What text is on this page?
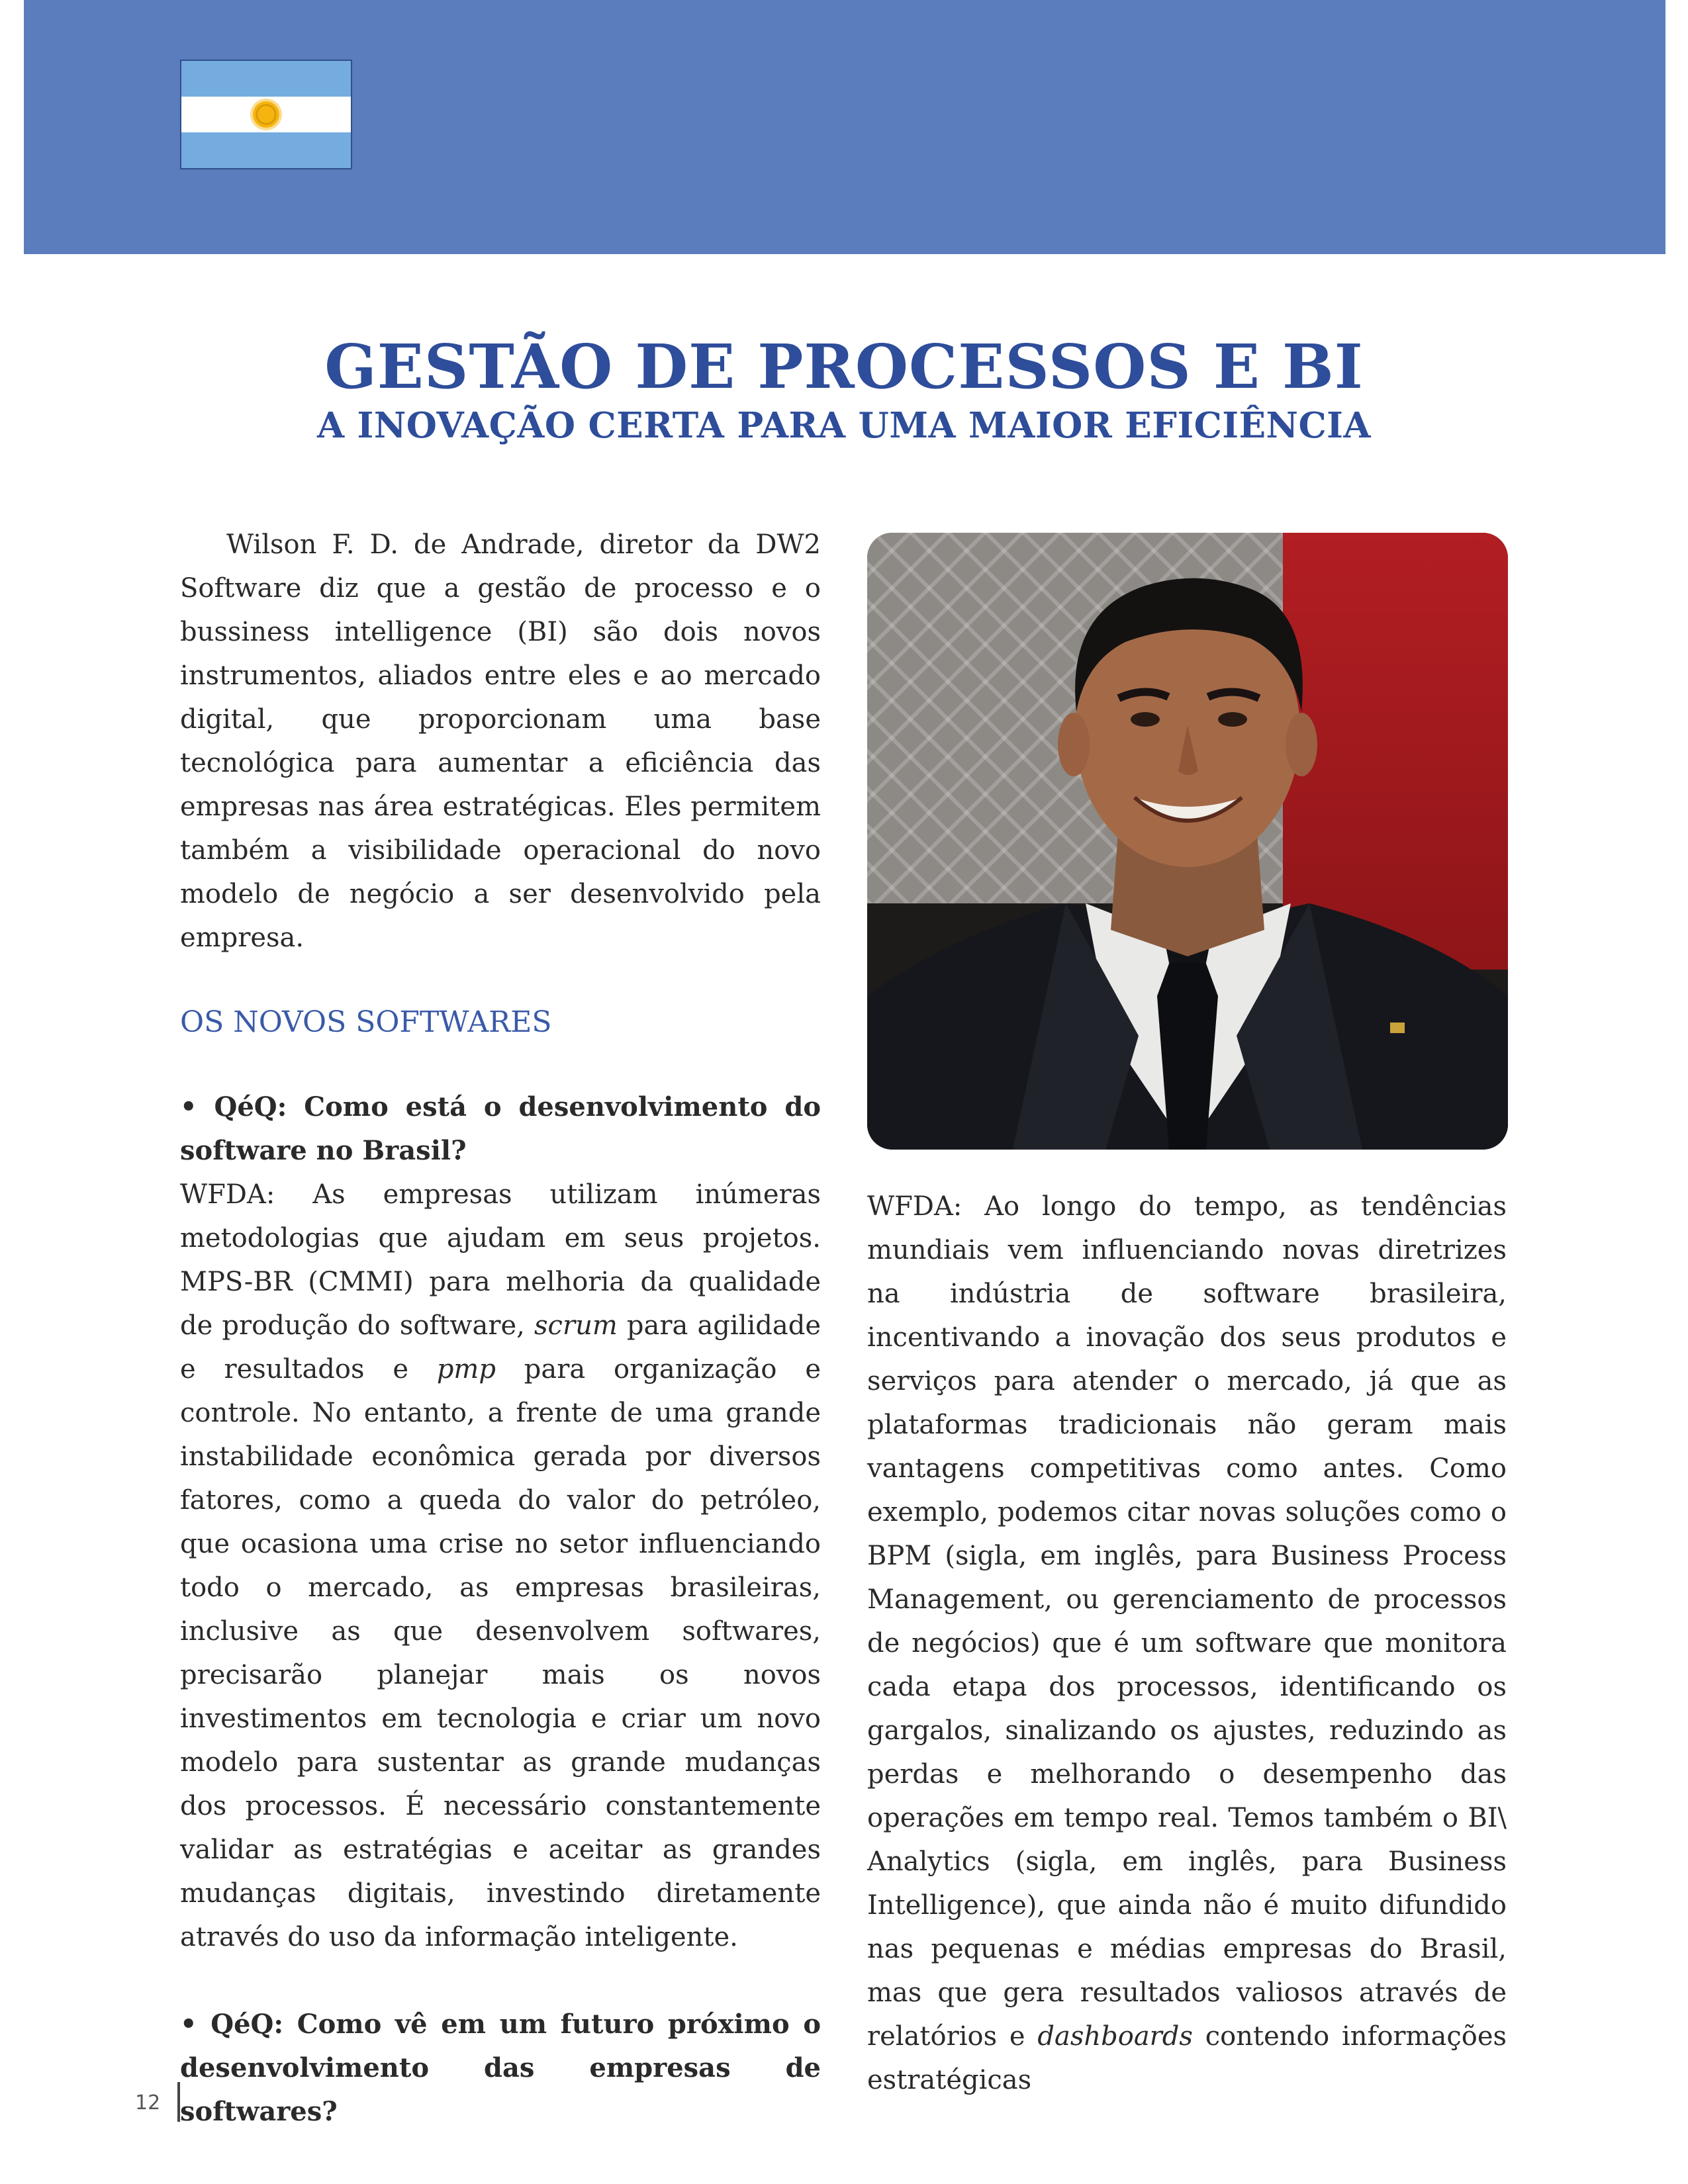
GESTÃO DE PROCESSOS E BI
A INOVAÇÃO CERTA PARA UMA MAIOR EFICIÊNCIA

Wilson F. D. de Andrade, diretor da DW2 Software diz que a gestão de processo e o bussiness intelligence (BI) são dois novos instrumentos, aliados entre eles e ao mercado digital, que proporcionam uma base tecnológica para aumentar a eficiência das empresas nas área estratégicas. Eles permitem também a visibilidade operacional do novo modelo de negócio a ser desenvolvido pela empresa.

OS NOVOS SOFTWARES

• QéQ: Como está o desenvolvimento do software no Brasil?

WFDA: As empresas utilizam inúmeras metodologias que ajudam em seus projetos. MPS-BR (CMMI) para melhoria da qualidade de produção do software, scrum para agilidade e resultados e pmp para organização e controle. No entanto, a frente de uma grande instabilidade econômica gerada por diversos fatores, como a queda do valor do petróleo, que ocasiona uma crise no setor influenciando todo o mercado, as empresas brasileiras, inclusive as que desenvolvem softwares, precisarão planejar mais os novos investimentos em tecnologia e criar um novo modelo para sustentar as grande mudanças dos processos. É necessário constantemente validar as estratégias e aceitar as grandes mudanças digitais, investindo diretamente através do uso da informação inteligente.

• QéQ: Como vê em um futuro próximo o desenvolvimento das empresas de softwares?

WFDA: Ao longo do tempo, as tendências mundiais vem influenciando novas diretrizes na indústria de software brasileira, incentivando a inovação dos seus produtos e serviços para atender o mercado, já que as plataformas tradicionais não geram mais vantagens competitivas como antes. Como exemplo, podemos citar novas soluções como o BPM (sigla, em inglês, para Business Process Management, ou gerenciamento de processos de negócios) que é um software que monitora cada etapa dos processos, identificando os gargalos, sinalizando os ajustes, reduzindo as perdas e melhorando o desempenho das operações em tempo real. Temos também o BI\ Analytics (sigla, em inglês, para Business Intelligence), que ainda não é muito difundido nas pequenas e médias empresas do Brasil, mas que gera resultados valiosos através de relatórios e dashboards contendo informações estratégicas

12
